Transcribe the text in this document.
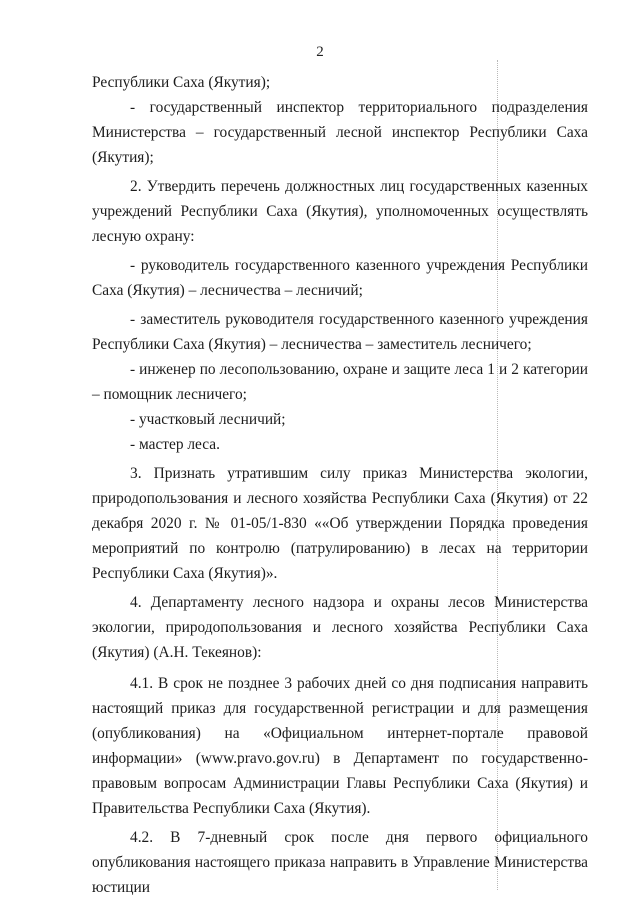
2

Республики Саха (Якутия);

- государственный инспектор территориального подразделения Министерства – государственный лесной инспектор Республики Саха (Якутия);

2. Утвердить перечень должностных лиц государственных казенных учреждений Республики Саха (Якутия), уполномоченных осуществлять лесную охрану:

- руководитель государственного казенного учреждения Республики Саха (Якутия) – лесничества – лесничий;

- заместитель руководителя государственного казенного учреждения Республики Саха (Якутия) – лесничества – заместитель лесничего;

- инженер по лесопользованию, охране и защите леса 1 и 2 категории – помощник лесничего;

- участковый лесничий;

- мастер леса.

3. Признать утратившим силу приказ Министерства экологии, природопользования и лесного хозяйства Республики Саха (Якутия) от 22 декабря 2020 г. № 01-05/1-830 ««Об утверждении Порядка проведения мероприятий по контролю (патрулированию) в лесах на территории Республики Саха (Якутия)».

4. Департаменту лесного надзора и охраны лесов Министерства экологии, природопользования и лесного хозяйства Республики Саха (Якутия) (А.Н. Текеянов):

4.1. В срок не позднее 3 рабочих дней со дня подписания направить настоящий приказ для государственной регистрации и для размещения (опубликования) на «Официальном интернет-портале правовой информации» (www.pravo.gov.ru) в Департамент по государственно-правовым вопросам Администрации Главы Республики Саха (Якутия) и Правительства Республики Саха (Якутия).

4.2. В 7-дневный срок после дня первого официального опубликования настоящего приказа направить в Управление Министерства юстиции
